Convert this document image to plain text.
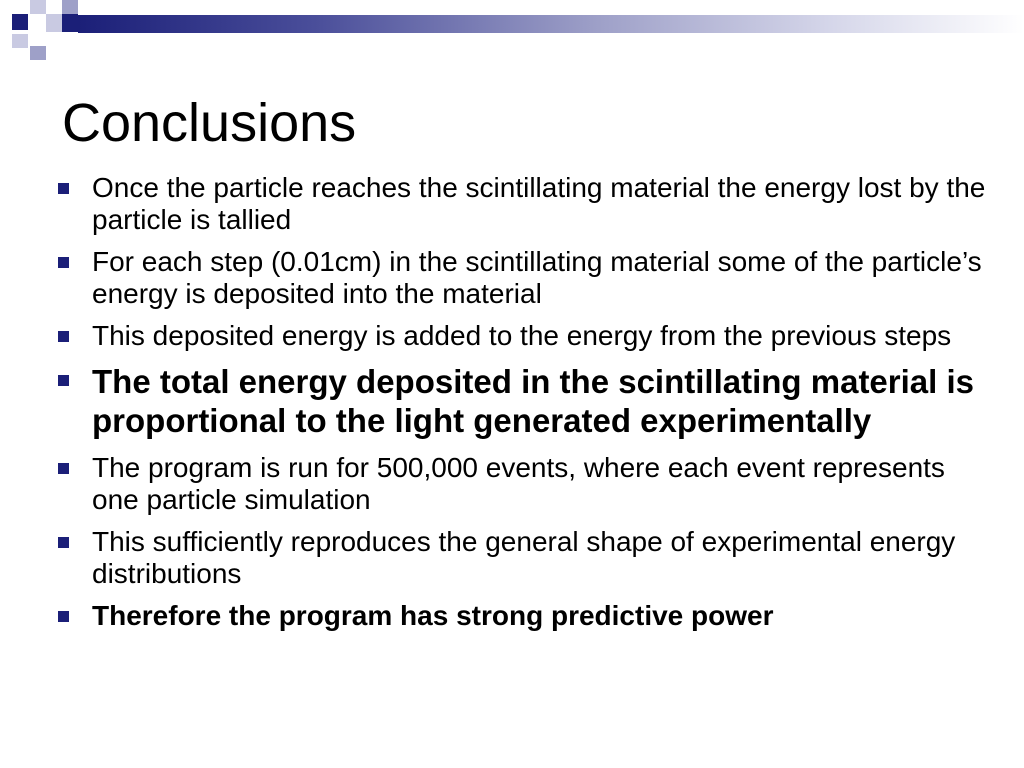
Conclusions
Once the particle reaches the scintillating material the energy lost by the particle is tallied
For each step (0.01cm) in the scintillating material some of the particle’s energy is deposited into the material
This deposited energy is added to the energy from the previous steps
The total energy deposited in the scintillating material is proportional to the light generated experimentally
The program is run for 500,000 events, where each event represents one particle simulation
This sufficiently reproduces the general shape of experimental energy distributions
Therefore the program has strong predictive power
